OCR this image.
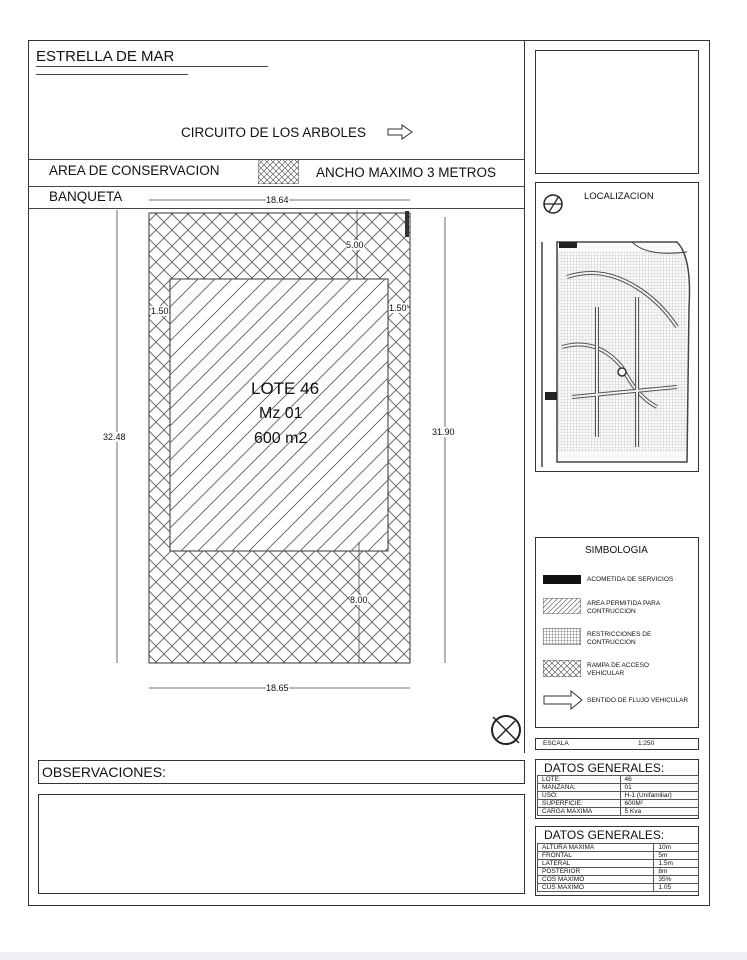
ESTRELLA DE MAR
CIRCUITO DE LOS ARBOLES
AREA DE CONSERVACION	ANCHO MAXIMO 3 METROS
BANQUETA
LOTE 46
Mz 01
600 m2
18.64
18.65
32.48	31.90
5.00
8.00
1.50	1.50
LOCALIZACION
SIMBOLOGIA
ACOMETIDA DE SERVICIOS
AREA PERMITIDA PARA CONTRUCCION
RESTRICCIONES DE CONTRUCCION
RAMPA DE ACCESO VEHICULAR
SENTIDO DE FLUJO VEHICULAR
ESCALA	1:250
OBSERVACIONES:	DATOS GENERALES:
LOTE:	46
MANZANA:	01
USO:	H-1 (Unifamiliar)
SUPERFICIE:	600M²
CARGA MAXIMA	5 Kva
DATOS GENERALES:
ALTURA MAXIMA	10m
FRONTAL	5m
LATERAL	1.5m
POSTERIOR	8m
COS MAXIMO	35%
CUS MAXIMO	1.05
